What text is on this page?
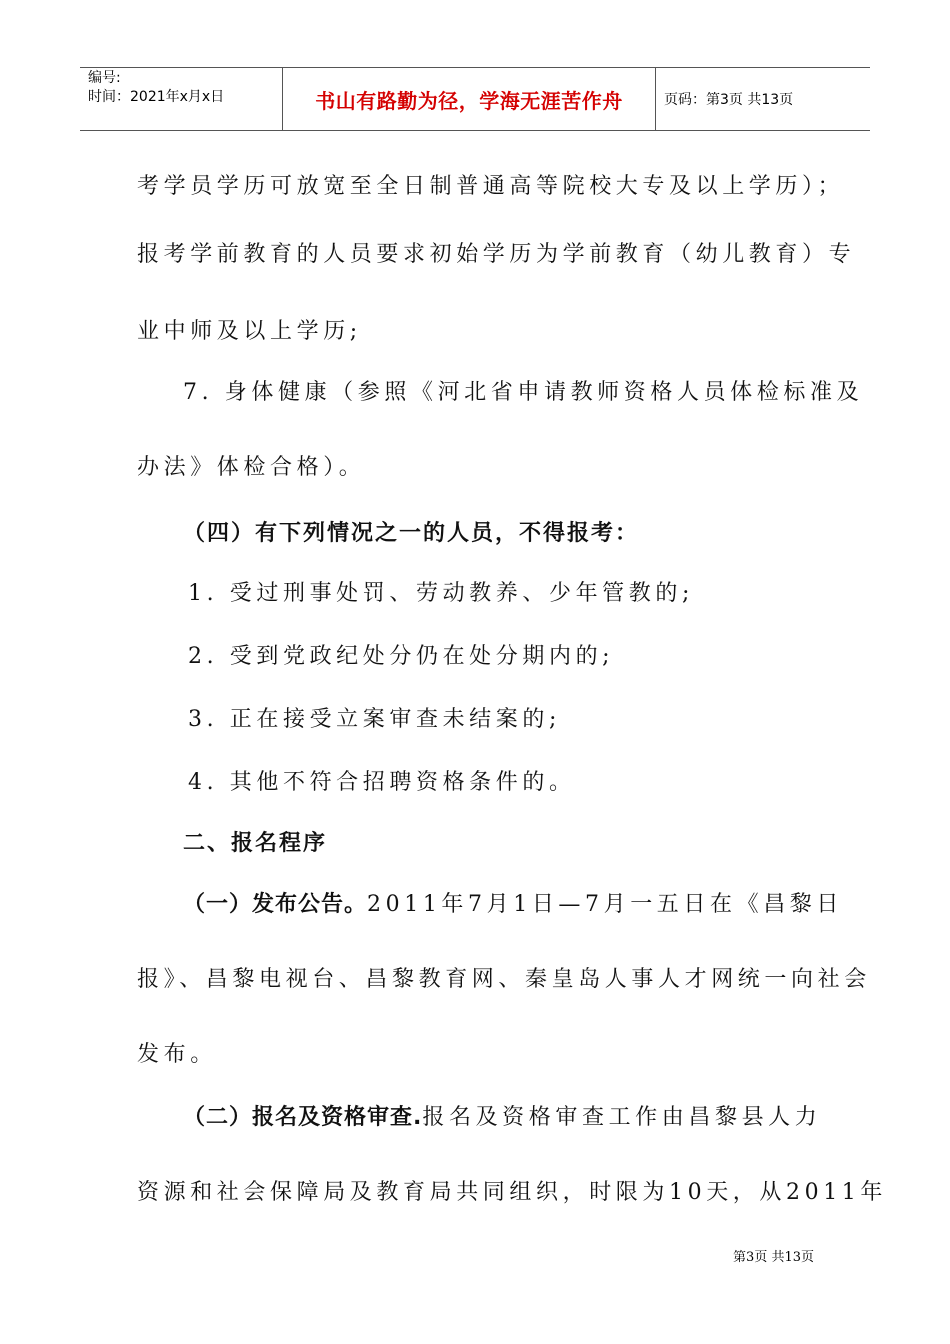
编号:
时间：2021年x月x日	书山有路勤为径，学海无涯苦作舟	页码：第3页 共13页
考学员学历可放宽至全日制普通高等院校大专及以上学历）；
报考学前教育的人员要求初始学历为学前教育（幼儿教育）专
业中师及以上学历;
7. 身体健康（参照《河北省申请教师资格人员体检标准及
办法》体检合格）。
（四）有下列情况之一的人员，不得报考：
1. 受过刑事处罚、劳动教养、少年管教的;
2. 受到党政纪处分仍在处分期内的;
3. 正在接受立案审查未结案的;
4. 其他不符合招聘资格条件的。
二、报名程序
（一）发布公告。2011年7月1日—7月一五日在《昌黎日
报》、昌黎电视台、昌黎教育网、秦皇岛人事人才网统一向社会
发布。
（二）报名及资格审查.报名及资格审查工作由昌黎县人力
资源和社会保障局及教育局共同组织，时限为10天，从2011年
第3页 共13页
